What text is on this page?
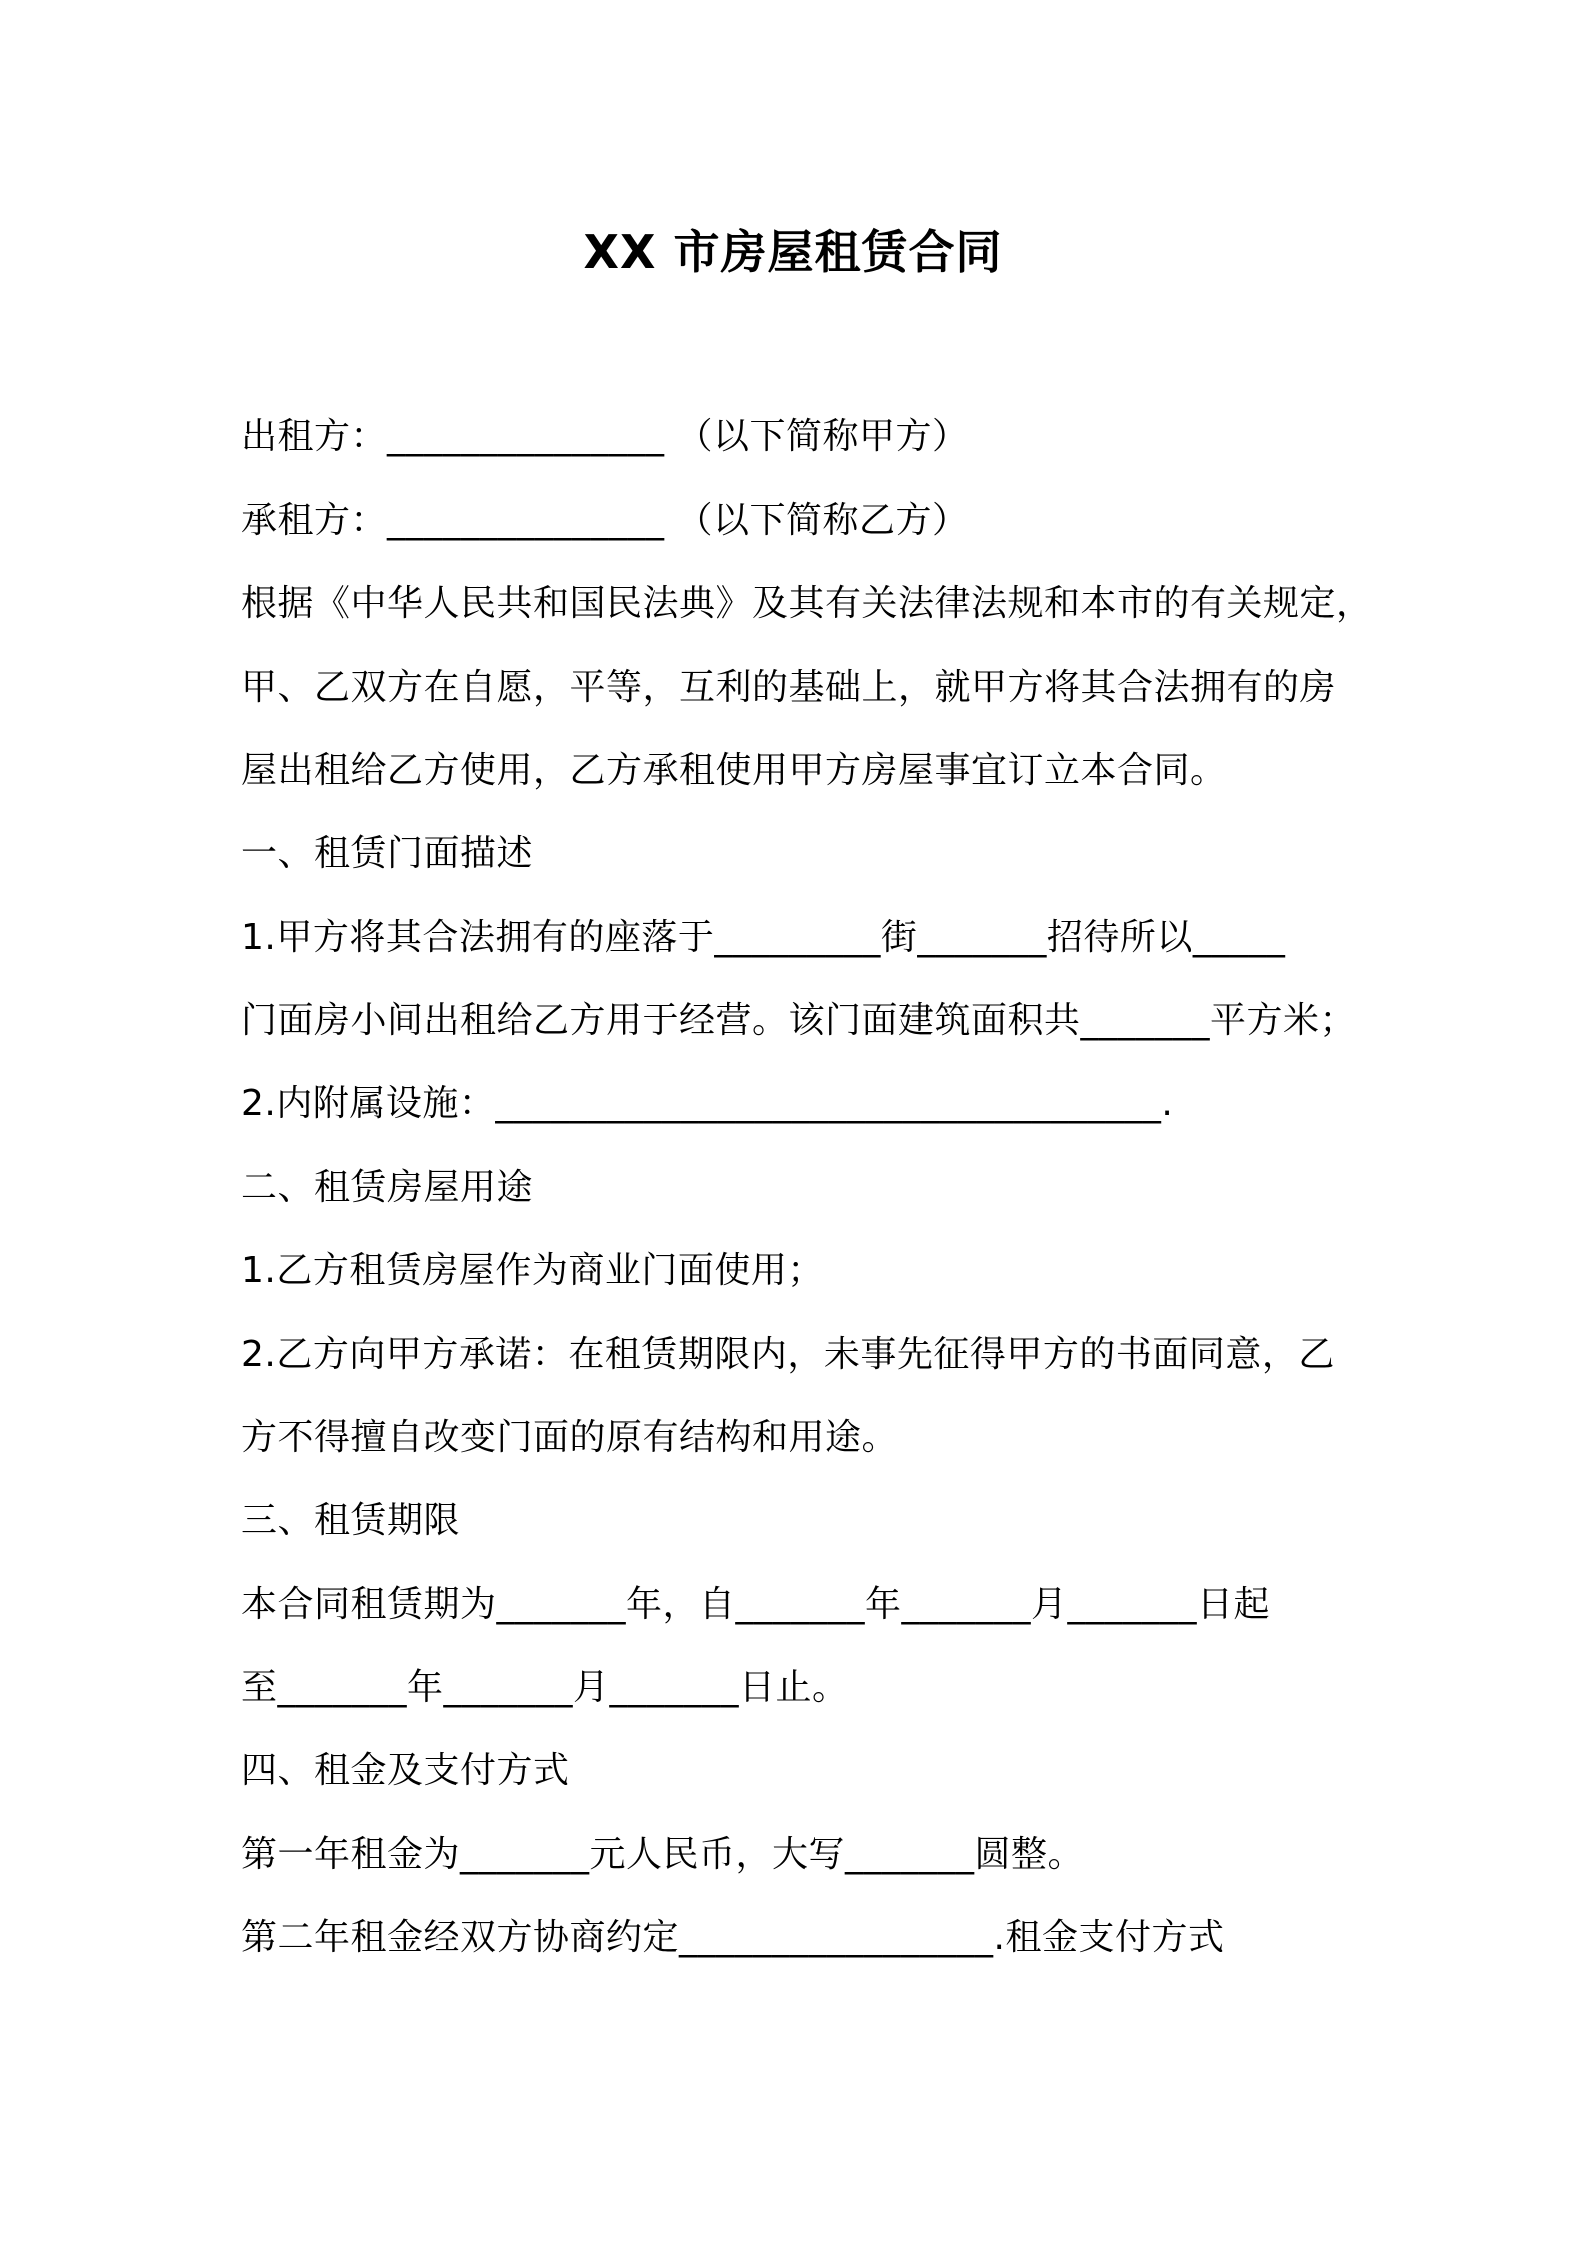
XX 市房屋租赁合同
出租方：_______________ （以下简称甲方）
承租方：_______________ （以下简称乙方）
根据《中华人民共和国民法典》及其有关法律法规和本市的有关规定，
甲、乙双方在自愿，平等，互利的基础上，就甲方将其合法拥有的房
屋出租给乙方使用，乙方承租使用甲方房屋事宜订立本合同。
一、租赁门面描述
1.甲方将其合法拥有的座落于_________街_______招待所以_____
门面房小间出租给乙方用于经营。该门面建筑面积共_______平方米；
2.内附属设施：____________________________________.
二、租赁房屋用途
1.乙方租赁房屋作为商业门面使用；
2.乙方向甲方承诺：在租赁期限内，未事先征得甲方的书面同意，乙
方不得擅自改变门面的原有结构和用途。
三、租赁期限
本合同租赁期为_______年，自_______年_______月_______日起
至_______年_______月_______日止。
四、租金及支付方式
第一年租金为_______元人民币，大写_______圆整。
第二年租金经双方协商约定_________________.租金支付方式
